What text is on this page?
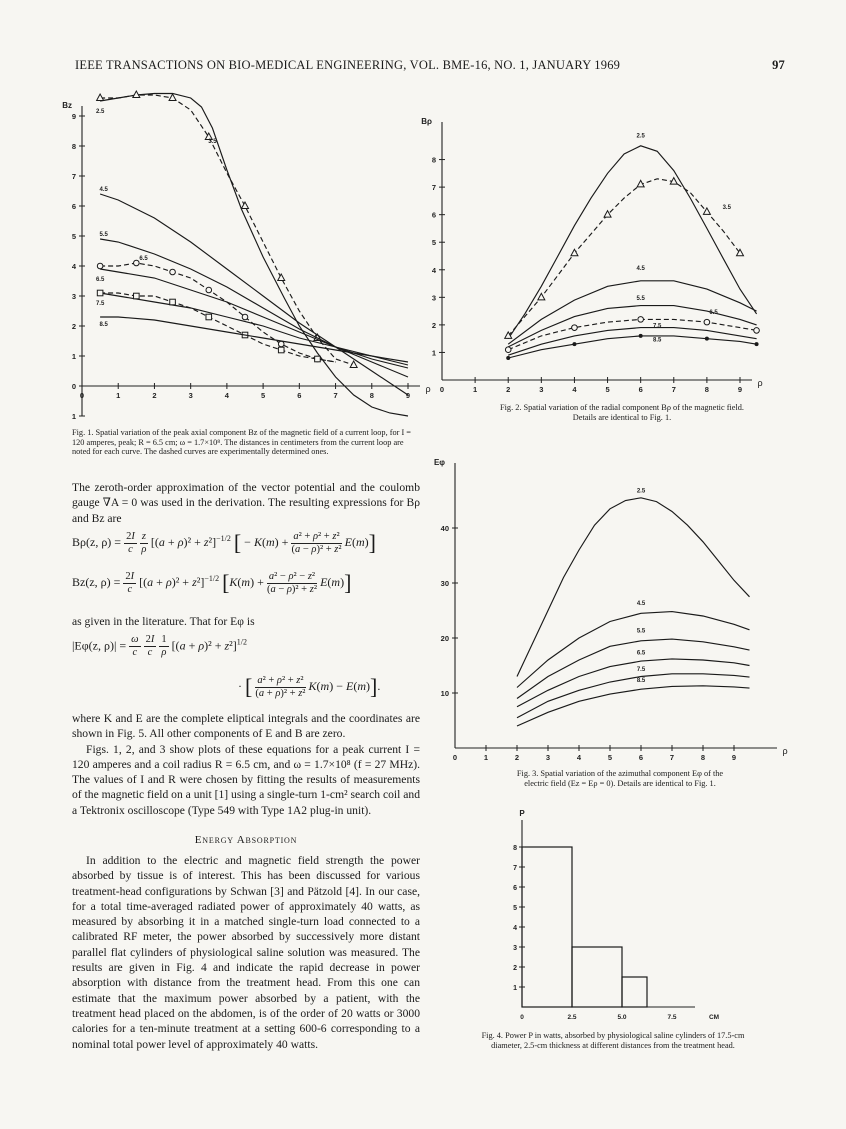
IEEE TRANSACTIONS ON BIO-MEDICAL ENGINEERING, VOL. BME-16, NO. 1, JANUARY 1969	97
0	1	2	3	4	5	6	7	8	9
1
0
1
2
3
4
5
6
7
8
9
Bz
ρ
2.5
3.5
4.5
5.5
6.5
6.5
7.5
8.5
Fig. 1. Spatial variation of the peak axial component Bz of the magnetic field of a current loop, for I = 120 amperes, peak; R = 6.5 cm; ω = 1.7×10⁸. The distances in centimeters from the current loop are noted for each curve. The dashed curves are experimentally determined ones.
0	1	2	3	4	5	6	7	8	9
1
2
3
4
5
6
7
8
Bρ
ρ
2.5
3.5
4.5
5.5
6.5
7.5
8.5
Fig. 2. Spatial variation of the radial component Bρ of the magnetic field.
Details are identical to Fig. 1.
0	1	2	3	4	5	6	7	8	9
10
20
30
40
Eφ
ρ
2.5
4.5
5.5
6.5
7.5
8.5
Fig. 3. Spatial variation of the azimuthal component Eφ of the
electric field (Ez = Eρ = 0). Details are identical to Fig. 1.
1
2
3
4
5
6
7
8
0	2.5	5.0	7.5	CM
P
Fig. 4. Power P in watts, absorbed by physiological saline cylinders of 17.5-cm
diameter, 2.5-cm thickness at different distances from the treatment head.

The zeroth-order approximation of the vector potential and the coulomb gauge ∇A = 0 was used in the derivation. The resulting expressions for Bρ and Bz are

Bρ(z, $\rho) = \frac{2I}{c}$
$\frac{z}{\rho} [(a + \rho)^2 + z^2]^{-1/2}$ [ − $K(m) + \frac{\text{a² + ρ² + z²}}{\text{(a − ρ)² + z²}} E(m)$]
Bz(z, $\rho) = \frac{2I}{c} [(a + \rho)^2 + z^2]^{-1/2}$ $[K(m) + \frac{\text{a² − ρ² − z²}}{\text{(a − ρ)² + z²}} E(m)]$

as given in the literature. That for Eφ is

|Eφ(z, $\rho)| = \frac{\omega}{c}$
$\frac{2I}{c}$
$\frac{1}{\rho} [(a + \rho)^2 + z^2]^{1/2}$
· [ $\frac{\text{a² + ρ² + z²}}{\text{(a + ρ)² + z²}} K(m) - E(m)$].

where K and E are the complete eliptical integrals and the coordinates are shown in Fig. 5. All other components of E and B are zero.

Figs. 1, 2, and 3 show plots of these equations for a peak current I = 120 amperes and a coil radius R = 6.5 cm, and ω = 1.7×10⁸ (f = 27 MHz). The values of I and R were chosen by fitting the results of measurements of the magnetic field on a unit [1] using a single-turn 1-cm² search coil and a Tektronix oscilloscope (Type 549 with Type 1A2 plug-in unit).

Energy Absorption

In addition to the electric and magnetic field strength the power absorbed by tissue is of interest. This has been discussed for various treatment-head configurations by Schwan [3] and Pätzold [4]. In our case, for a total time-averaged radiated power of approximately 40 watts, as measured by absorbing it in a matched single-turn load connected to a calibrated RF meter, the power absorbed by successively more distant parallel flat cylinders of physiological saline solution was measured. The results are given in Fig. 4 and indicate the rapid decrease in power absorption with distance from the treatment head. From this one can estimate that the maximum power absorbed by a patient, with the treatment head placed on the abdomen, is of the order of 20 watts or 3000 calories for a ten-minute treatment at a setting 600-6 corresponding to a nominal total power level of approximately 40 watts.
